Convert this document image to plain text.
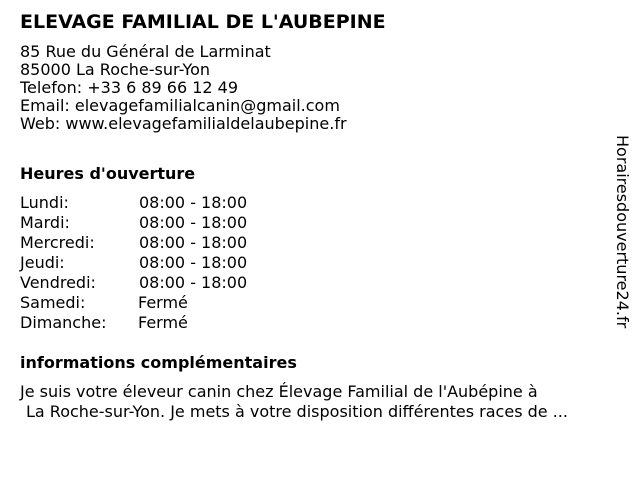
ELEVAGE FAMILIAL DE L'AUBEPINE
85 Rue du Général de Larminat
85000 La Roche-sur-Yon
Telefon: +33 6 89 66 12 49
Email: elevagefamilialcanin@gmail.com
Web: www.elevagefamilialdelaubepine.fr
Heures d'ouverture
Lundi:	08:00 - 18:00
Mardi:	08:00 - 18:00
Mercredi:	08:00 - 18:00
Jeudi:	08:00 - 18:00
Vendredi:	08:00 - 18:00
Samedi:	Fermé
Dimanche: Fermé
informations complémentaires
Je suis votre éleveur canin chez Élevage Familial de l'Aubépine à
La Roche-sur-Yon. Je mets à votre disposition différentes races de ...
Horairesdouverture24.fr
